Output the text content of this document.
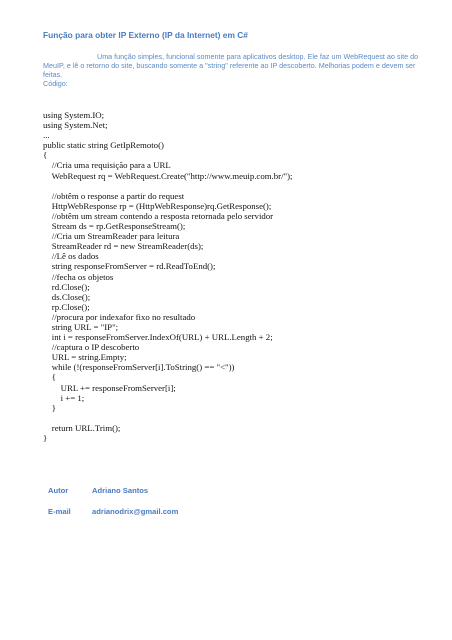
Função para obter IP Externo (IP da Internet) em C#

Uma função simples, funcional somente para aplicativos desktop. Ele faz um WebRequest ao site do MeuIP, e lê o retorno do site, buscando somente a "string" referente ao IP descoberto. Melhorias podem e devem ser feitas.
Código:

using System.IO;
using System.Net;
...
public static string GetIpRemoto()
{
//Cria uma requisição para a URL
WebRequest rq = WebRequest.Create("http://www.meuip.com.br/");
//obtêm o response a partir do request
HttpWebResponse rp = (HttpWebResponse)rq.GetResponse();
//obtêm um stream contendo a resposta retornada pelo servidor
Stream ds = rp.GetResponseStream();
//Cria um StreamReader para leitura
StreamReader rd = new StreamReader(ds);
//Lê os dados
string responseFromServer = rd.ReadToEnd();
//fecha os objetos
rd.Close();
ds.Close();
rp.Close();
//procura por indexafor fixo no resultado
string URL = "IP";
int i = responseFromServer.IndexOf(URL) + URL.Length + 2;
//captura o IP descoberto
URL = string.Empty;
while (!(responseFromServer[i].ToString() == "<"))
{
URL += responseFromServer[i];
i += 1;
}
return URL.Trim();
}
Autor	Adriano Santos
E-mail	adrianodrix@gmail.com
